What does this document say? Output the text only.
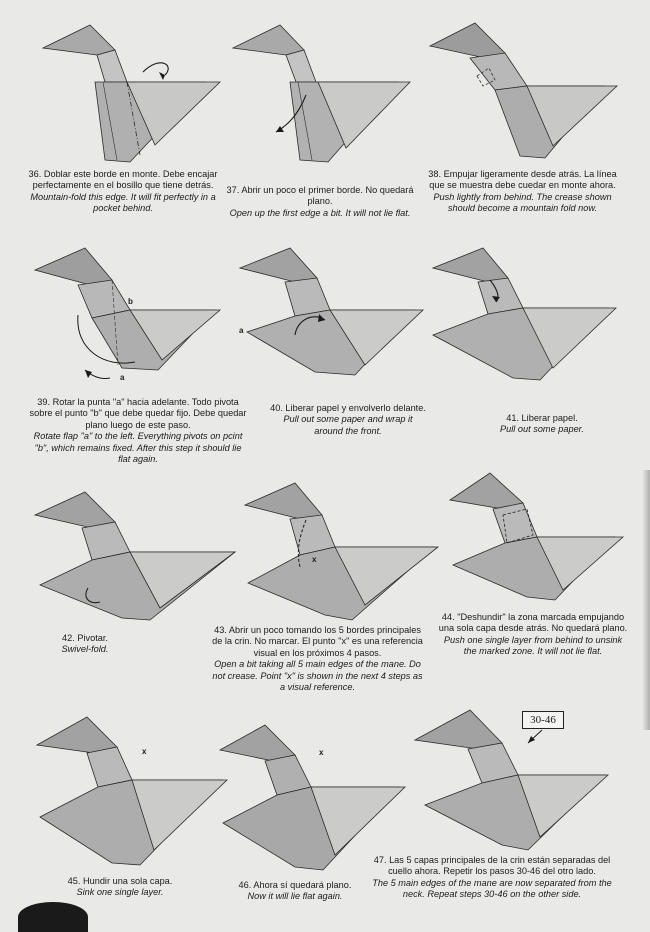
36. Doblar este borde en monte. Debe encajar perfectamente en el bosillo que tiene detrás.
Mountain-fold this edge. It will fit perfectly in a pocket behind.
37. Abrir un poco el primer borde. No quedará plano.
Open up the first edge a bit. It will not lie flat.
38. Empujar ligeramente desde atrás. La línea que se muestra debe cuedar en monte ahora.
Push lightly from behind. The crease shown should become a mountain fold now.
a
b
39. Rotar la punta "a" hacia adelante. Todo pivota sobre el punto "b" que debe quedar fijo. Debe quedar plano luego de este paso.
Rotate flap "a" to the left. Everything pivots on pcint "b", which remains fixed. After this step it should lie flat again.
a
40. Liberar papel y envolverlo delante.
Pull out some paper and wrap it around the front.
41. Liberar papel.
Pull out some paper.
42. Pivotar.
Swivel-fold.
x
43. Abrir un poco tomando los 5 bordes principales de la crin. No marcar. El punto "x" es una referencia visual en los próximos 4 pasos.
Open a bit taking all 5 main edges of the mane. Do not crease. Point "x" is shown in the next 4 steps as a visual reference.
44. "Deshundir" la zona marcada empujando una sola capa desde atrás. No quedará plano.
Push one single layer from behind to unsink the marked zone. It will not lie flat.
x
45. Hundir una sola capa.
Sink one single layer.
x
46. Ahora sí quedará plano.
Now it will lie flat again.
30-46
47. Las 5 capas principales de la crin están separadas del cuello ahora. Repetir los pasos 30-46 del otro lado.
The 5 main edges of the mane are now separated from the neck. Repeat steps 30-46 on the other side.
